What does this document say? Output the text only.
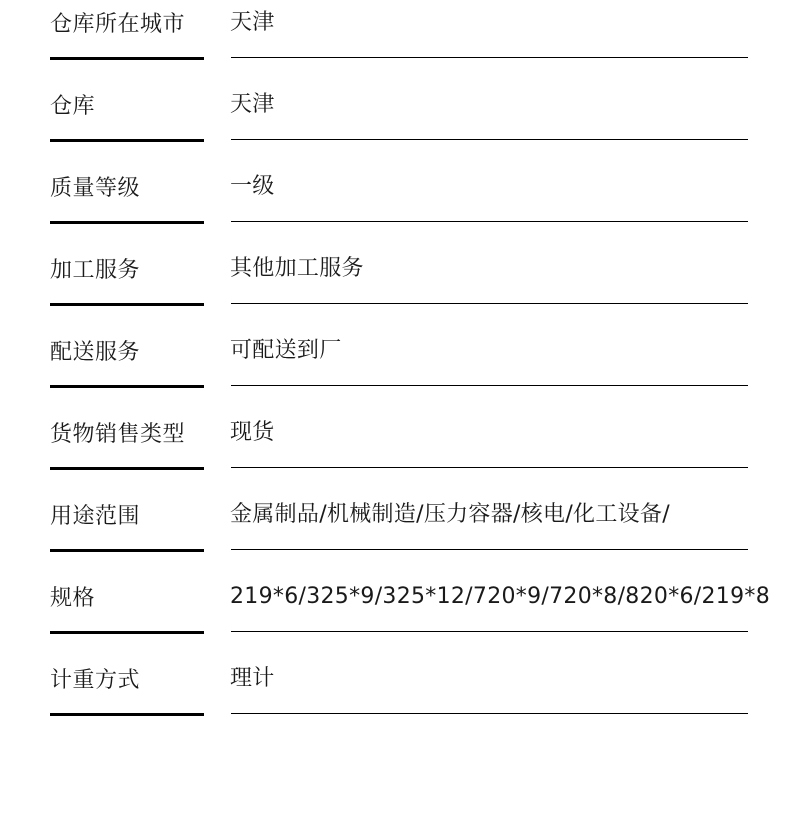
仓库所在城市 天津
仓库	天津
质量等级	一级
加工服务	其他加工服务
配送服务	可配送到厂
货物销售类型 现货
用途范围	金属制品/机械制造/压力容器/核电/化工设备/
规格	219*6/325*9/325*12/720*9/720*8/820*6/219*8
计重方式	理计
